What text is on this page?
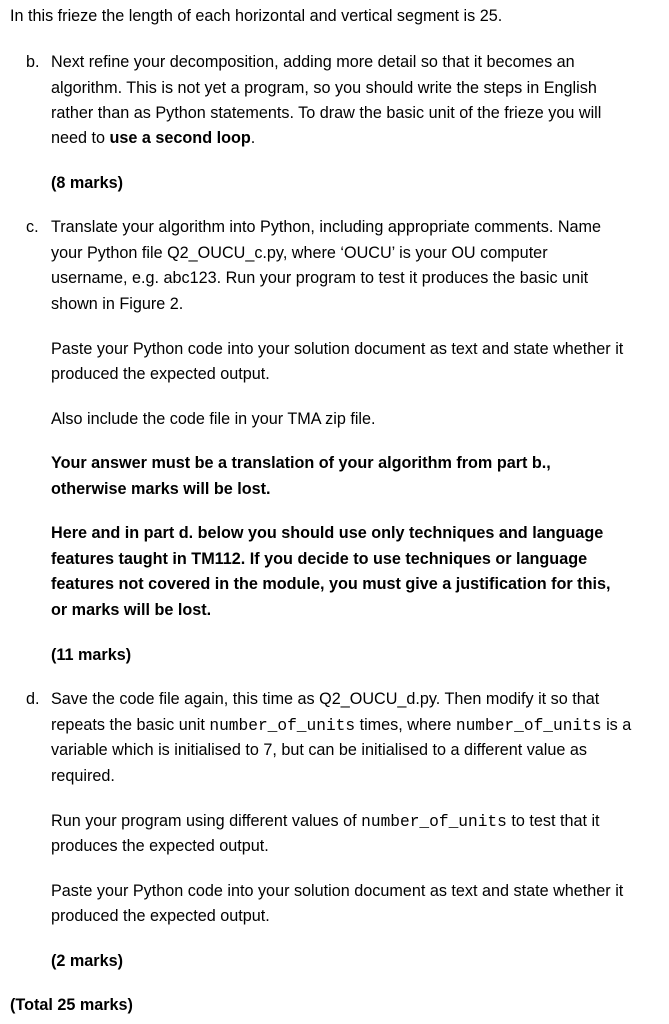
In this frieze the length of each horizontal and vertical segment is 25.
b. Next refine your decomposition, adding more detail so that it becomes an
algorithm. This is not yet a program, so you should write the steps in English
rather than as Python statements. To draw the basic unit of the frieze you will
need to use a second loop.
(8 marks)
c. Translate your algorithm into Python, including appropriate comments. Name
your Python file Q2_OUCU_c.py, where ‘OUCU’ is your OU computer
username, e.g. abc123. Run your program to test it produces the basic unit
shown in Figure 2.
Paste your Python code into your solution document as text and state whether it
produced the expected output.
Also include the code file in your TMA zip file.
Your answer must be a translation of your algorithm from part b.,
otherwise marks will be lost.
Here and in part d. below you should use only techniques and language
features taught in TM112. If you decide to use techniques or language
features not covered in the module, you must give a justification for this,
or marks will be lost.
(11 marks)
d. Save the code file again, this time as Q2_OUCU_d.py. Then modify it so that
repeats the basic unit number_of_units times, where number_of_units is a
variable which is initialised to 7, but can be initialised to a different value as
required.
Run your program using different values of number_of_units to test that it
produces the expected output.
Paste your Python code into your solution document as text and state whether it
produced the expected output.
(2 marks)
(Total 25 marks)
